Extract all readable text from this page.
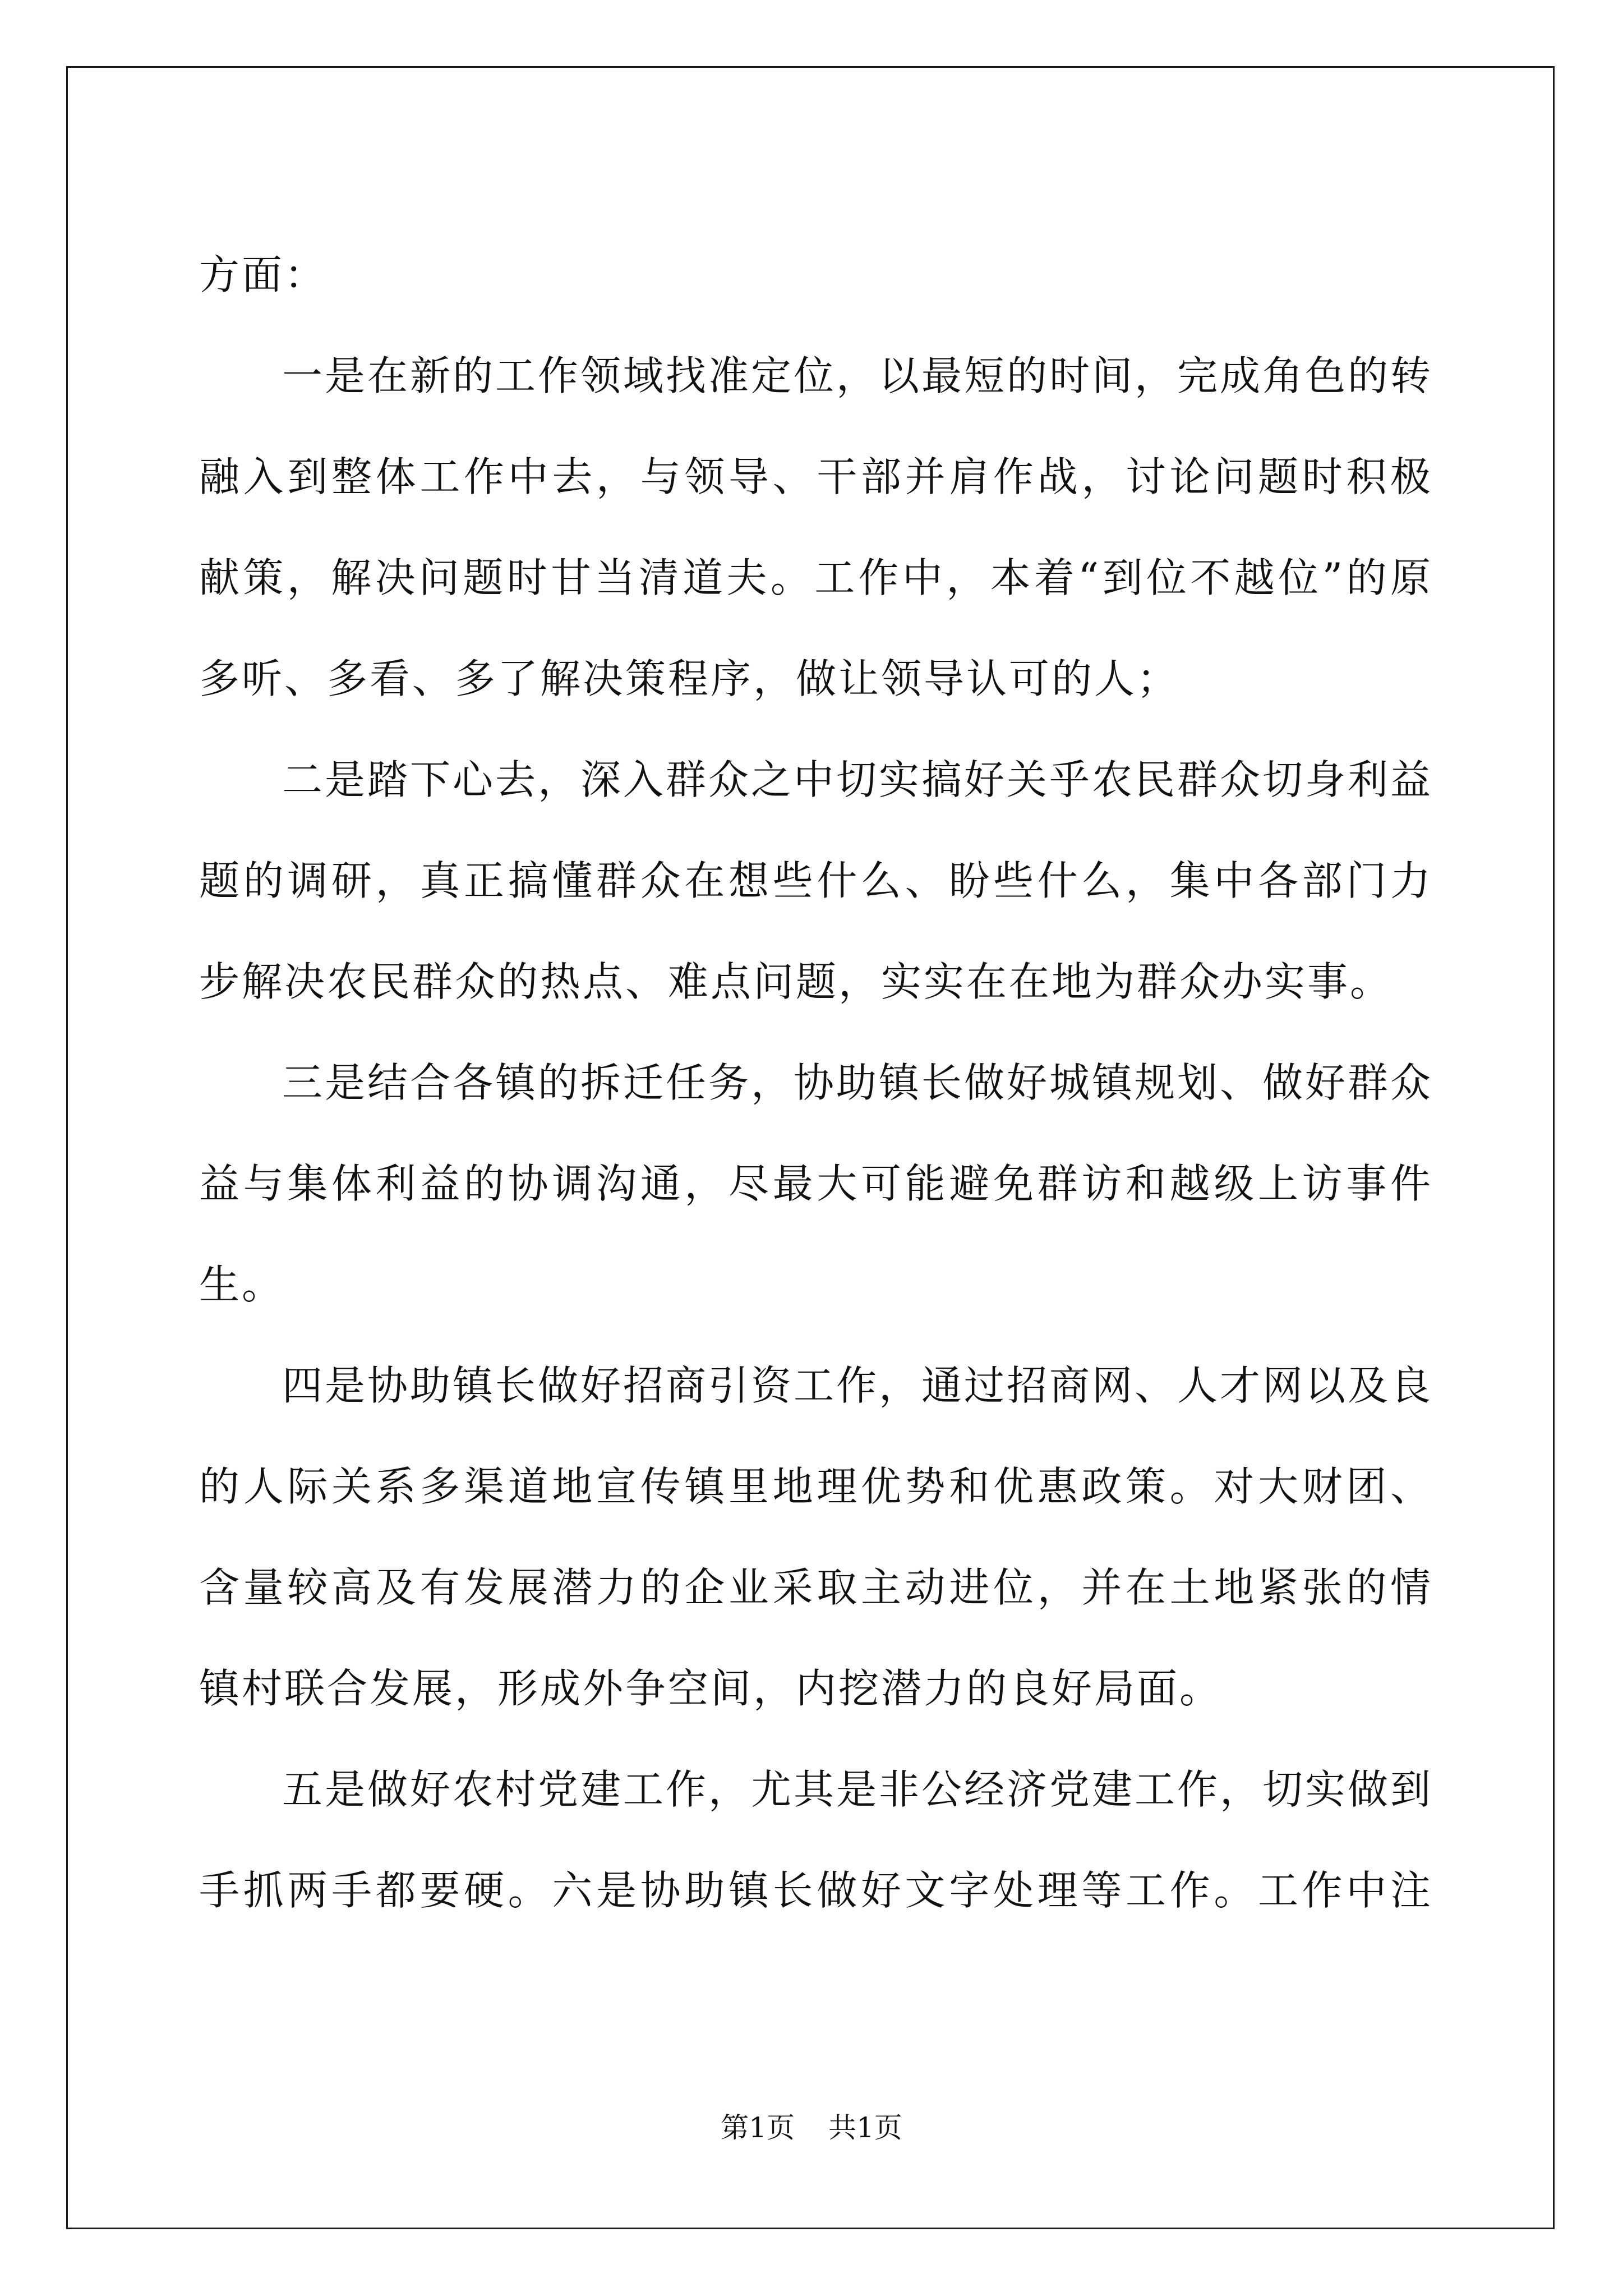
方面：
一是在新的工作领域找准定位，以最短的时间，完成角色的转
融入到整体工作中去，与领导、干部并肩作战，讨论问题时积极
献策，解决问题时甘当清道夫。工作中，本着“到位不越位”的原
多听、多看、多了解决策程序，做让领导认可的人；
二是踏下心去，深入群众之中切实搞好关乎农民群众切身利益
题的调研，真正搞懂群众在想些什么、盼些什么，集中各部门力
步解决农民群众的热点、难点问题，实实在在地为群众办实事。
三是结合各镇的拆迁任务，协助镇长做好城镇规划、做好群众
益与集体利益的协调沟通，尽最大可能避免群访和越级上访事件
生。
四是协助镇长做好招商引资工作，通过招商网、人才网以及良
的人际关系多渠道地宣传镇里地理优势和优惠政策。对大财团、
含量较高及有发展潜力的企业采取主动进位，并在土地紧张的情
镇村联合发展，形成外争空间，内挖潜力的良好局面。
五是做好农村党建工作，尤其是非公经济党建工作，切实做到
手抓两手都要硬。六是协助镇长做好文字处理等工作。工作中注
第1页 共1页
